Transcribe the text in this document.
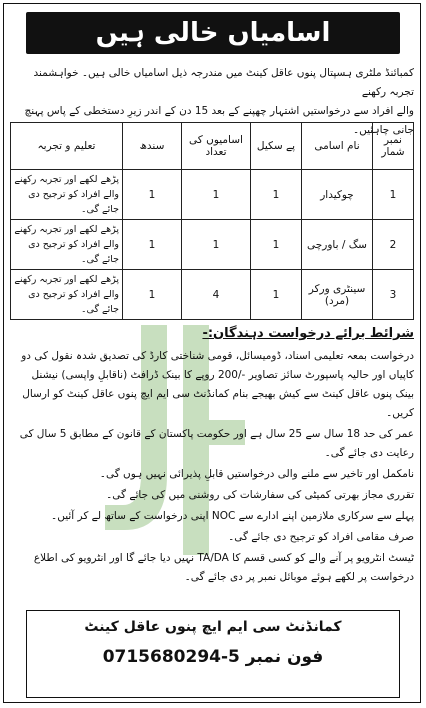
اسامیاں خالی ہیں

کمبائنڈ ملٹری ہسپتال پنوں عاقل کینٹ میں مندرجہ ذیل اسامیاں خالی ہیں۔ خواہشمند تجربہ رکھنے

والے افراد سے درخواستیں اشتہار چھپنے کے بعد 15 دن کے اندر زیرِ دستخطی کے پاس پہنچ جانی چاہئیں۔

نمبر شمار	نام اسامی	پے سکیل	اسامیوں کی تعداد	سندھ	تعلیم و تجربہ
1	چوکیدار	1	1	1	پڑھے لکھے اور تجربہ رکھنے والے افراد کو ترجیح دی جائے گی۔
2	سگ / باورچی	1	1	1	پڑھے لکھے اور تجربہ رکھنے والے افراد کو ترجیح دی جائے گی۔
3	سینٹری ورکر (مرد)	1	4	1	پڑھے لکھے اور تجربہ رکھنے والے افراد کو ترجیح دی جائے گی۔
شرائط برائے درخواست دہندگان:-

درخواست بمعہ تعلیمی اسناد، ڈومیسائل، قومی شناختی کارڈ کی تصدیق شدہ نقول کی دو کاپیاں اور حالیہ پاسپورٹ سائز تصاویر -/200 روپے کا بینک ڈرافٹ (ناقابلِ واپسی) نیشنل بینک پنوں عاقل کینٹ سے کیش بھیجے بنام کمانڈنٹ سی ایم ایچ پنوں عاقل کینٹ کو ارسال کریں۔

عمر کی حد 18 سال سے 25 سال ہے اور حکومت پاکستان کے قانون کے مطابق 5 سال کی رعایت دی جائے گی۔

نامکمل اور تاخیر سے ملنے والی درخواستیں قابلِ پذیرائی نہیں ہوں گی۔

تقرری مجاز بھرتی کمیٹی کی سفارشات کی روشنی میں کی جائے گی۔

پہلے سے سرکاری ملازمین اپنے ادارے سے NOC اپنی درخواست کے ساتھ لے کر آئیں۔

صرف مقامی افراد کو ترجیح دی جائے گی۔

ٹیسٹ انٹرویو پر آنے والے کو کسی قسم کا TA/DA نہیں دیا جائے گا اور انٹرویو کی اطلاع درخواست پر لکھے ہوئے موبائل نمبر پر دی جائے گی۔

کمانڈنٹ سی ایم ایچ پنوں عاقل کینٹ
فون نمبر 0715680294-5
